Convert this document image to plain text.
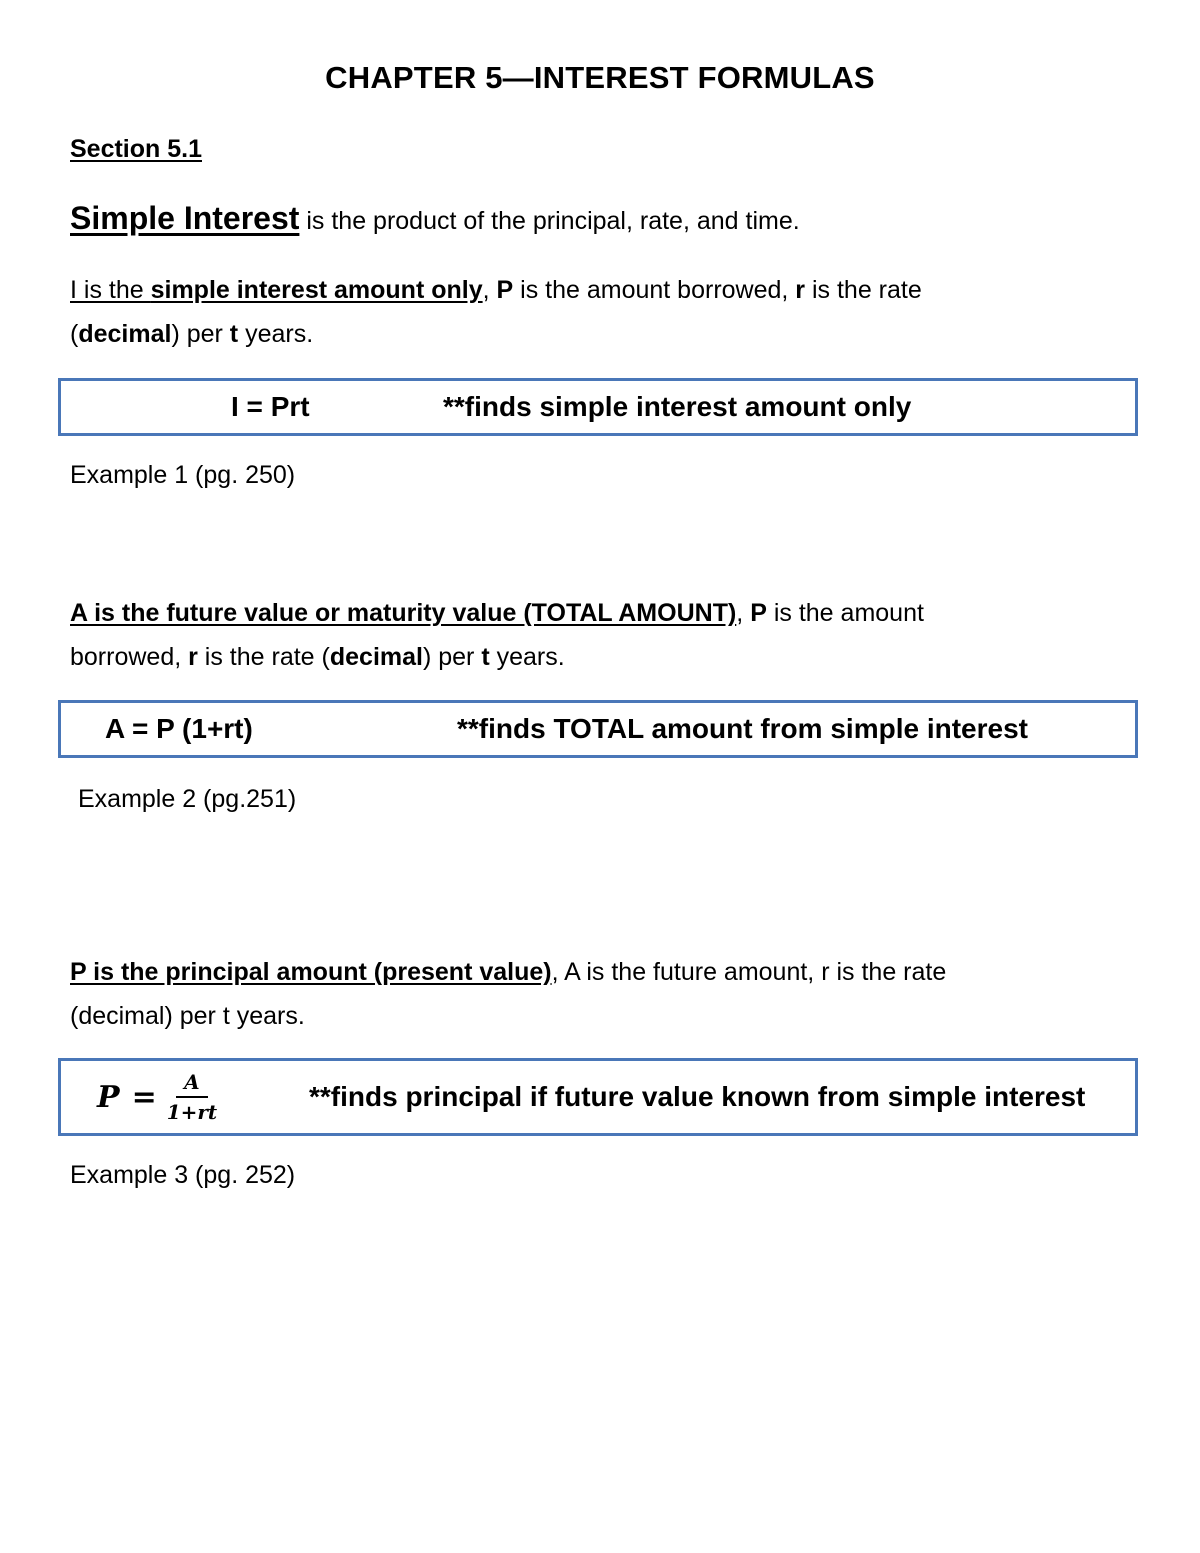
CHAPTER 5—INTEREST FORMULAS
Section 5.1
Simple Interest is the product of the principal, rate, and time.
I is the simple interest amount only, P is the amount borrowed, r is the rate
(decimal) per t years.
I = Prt	**finds simple interest amount only
Example 1 (pg. 250)
A is the future value or maturity value (TOTAL AMOUNT), P is the amount
borrowed, r is the rate (decimal) per t years.
A = P (1+rt)	**finds TOTAL amount from simple interest
Example 2 (pg.251)
P is the principal amount (present value), A is the future amount, r is the rate
(decimal) per t years.
$P = \frac{A}{1+rt}$	**finds principal if future value known from simple interest
Example 3 (pg. 252)
